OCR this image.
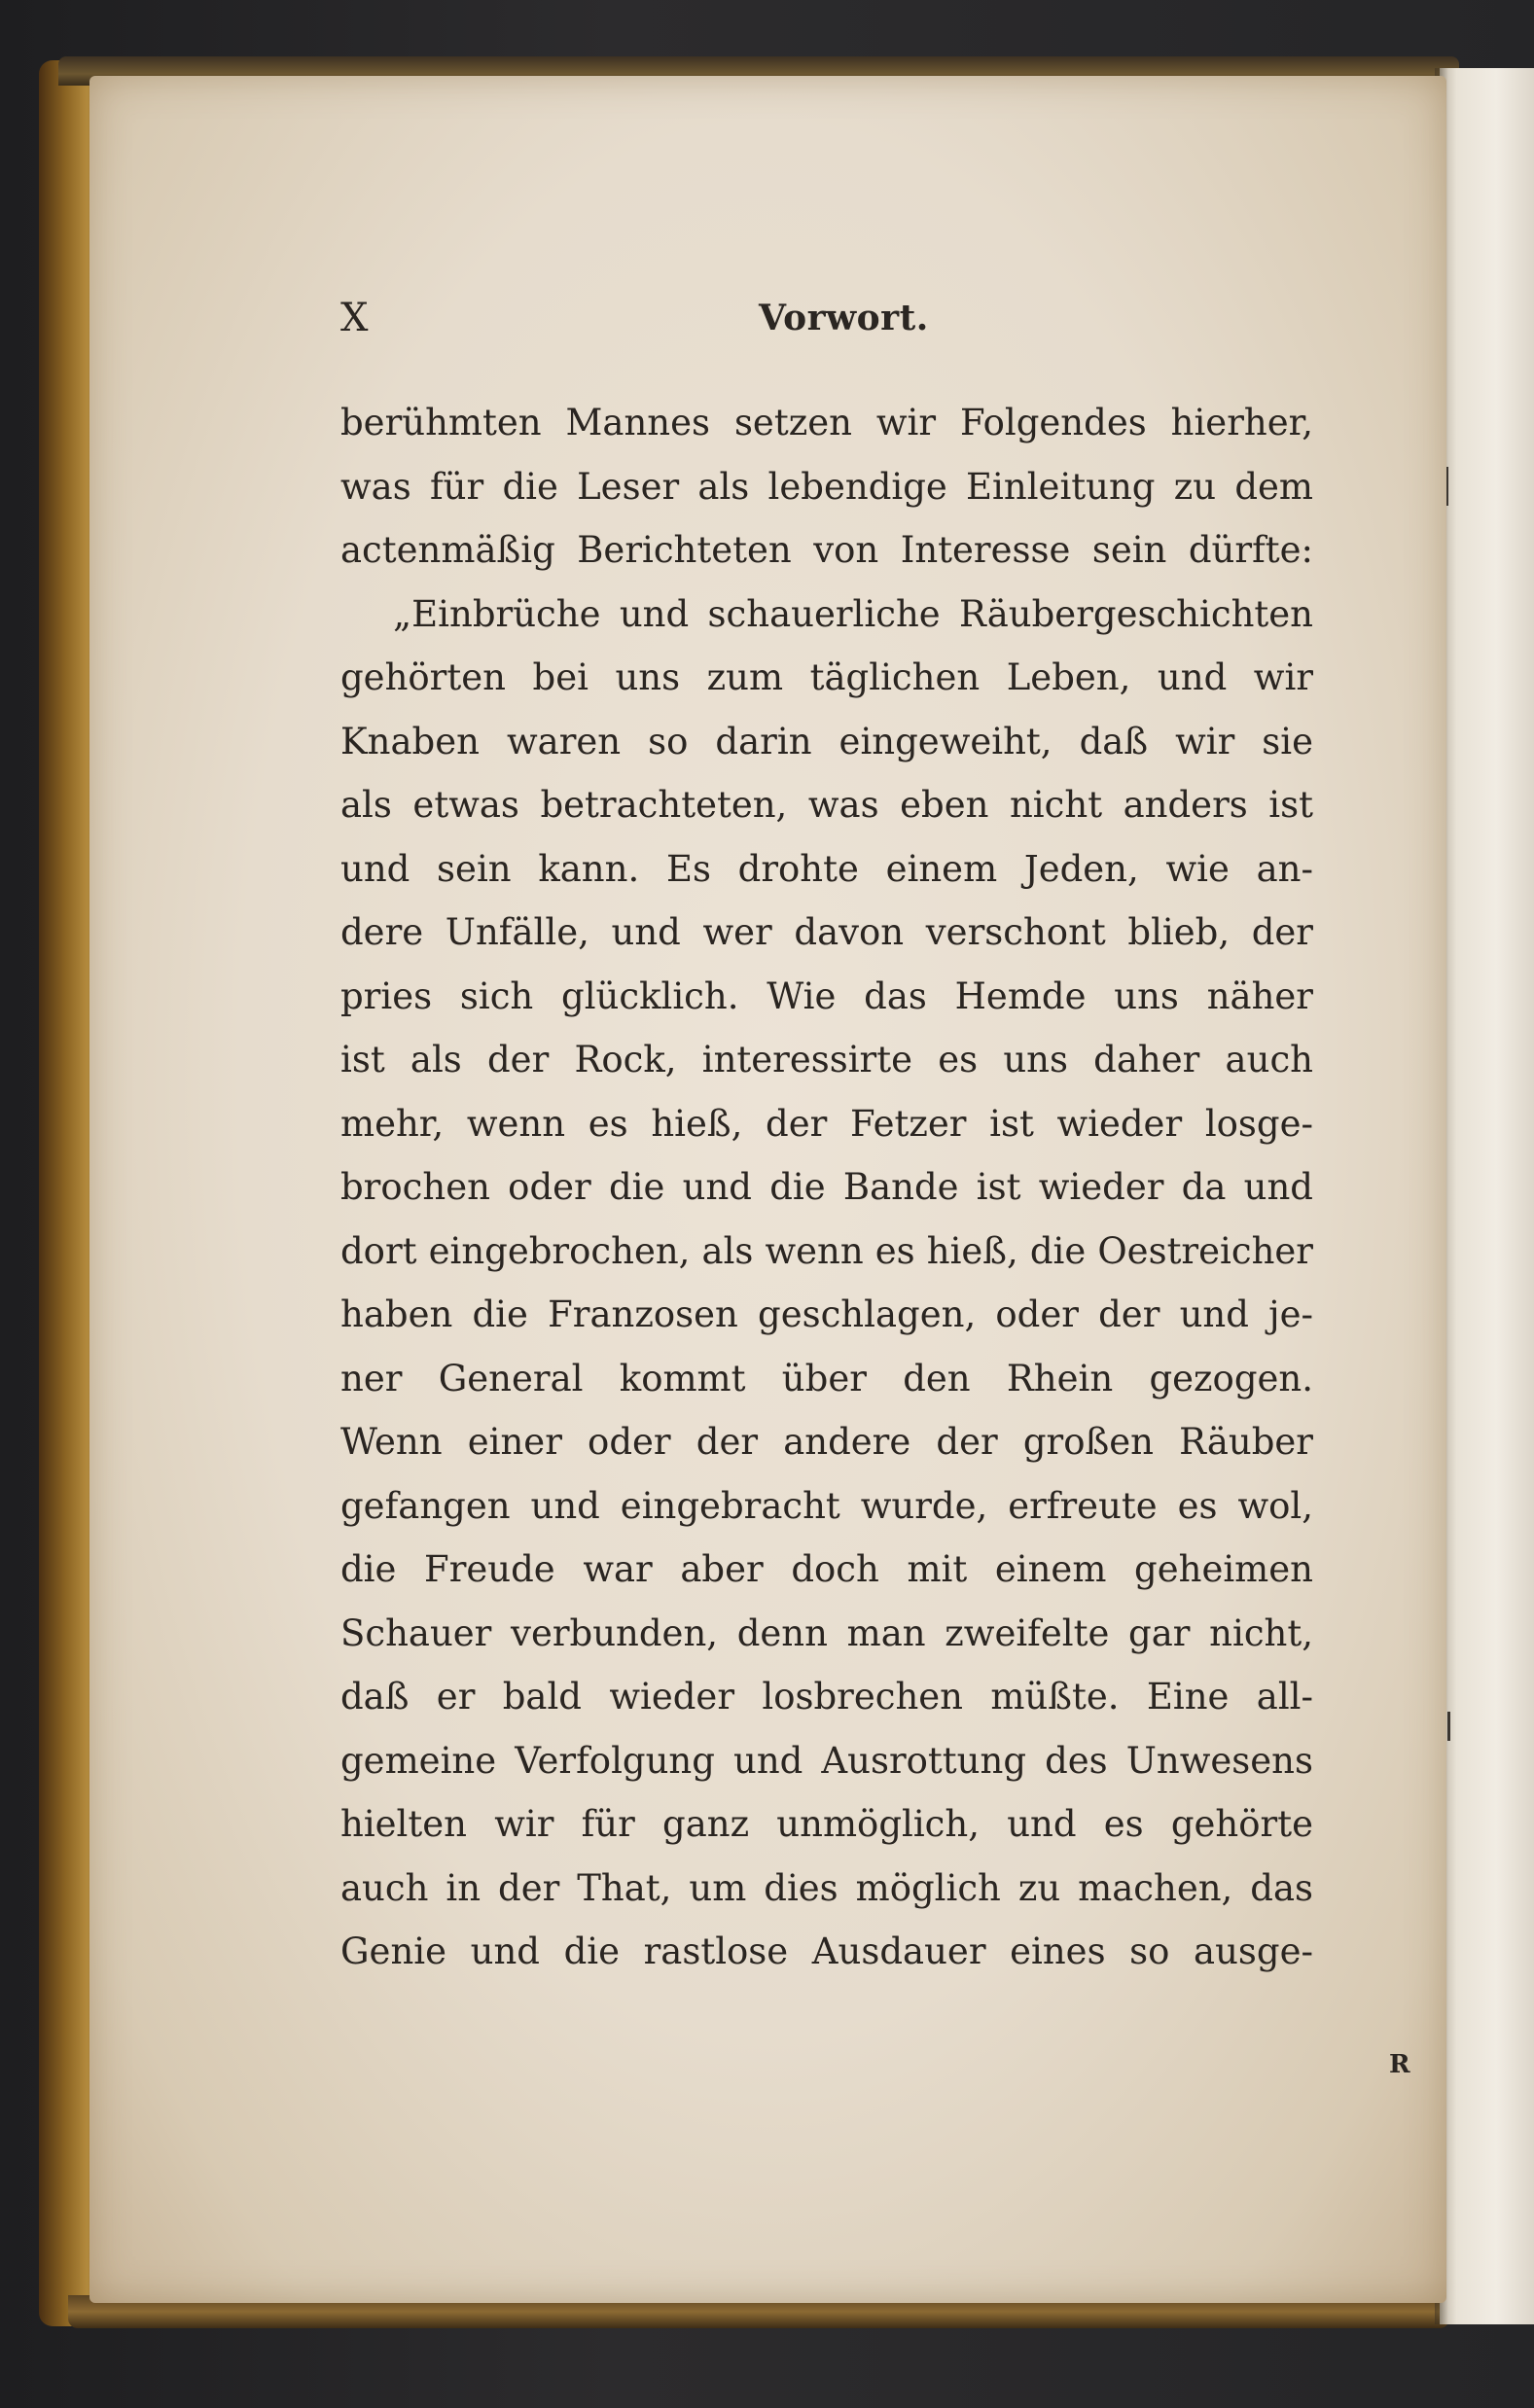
X	Vorwort.
berühmten Mannes setzen wir Folgendes hierher,
was für die Leser als lebendige Einleitung zu dem
actenmäßig Berichteten von Interesse sein dürfte:
„Einbrüche und schauerliche Räubergeschichten
gehörten bei uns zum täglichen Leben, und wir
Knaben waren so darin eingeweiht, daß wir sie
als etwas betrachteten, was eben nicht anders ist
und sein kann. Es drohte einem Jeden, wie an-
dere Unfälle, und wer davon verschont blieb, der
pries sich glücklich. Wie das Hemde uns näher
ist als der Rock, interessirte es uns daher auch
mehr, wenn es hieß, der Fetzer ist wieder losge-
brochen oder die und die Bande ist wieder da und
dort eingebrochen, als wenn es hieß, die Oestreicher
haben die Franzosen geschlagen, oder der und je-
ner General kommt über den Rhein gezogen.
Wenn einer oder der andere der großen Räuber
gefangen und eingebracht wurde, erfreute es wol,
die Freude war aber doch mit einem geheimen
Schauer verbunden, denn man zweifelte gar nicht,
daß er bald wieder losbrechen müßte. Eine all-
gemeine Verfolgung und Ausrottung des Unwesens
hielten wir für ganz unmöglich, und es gehörte
auch in der That, um dies möglich zu machen, das
Genie und die rastlose Ausdauer eines so ausge-
R
